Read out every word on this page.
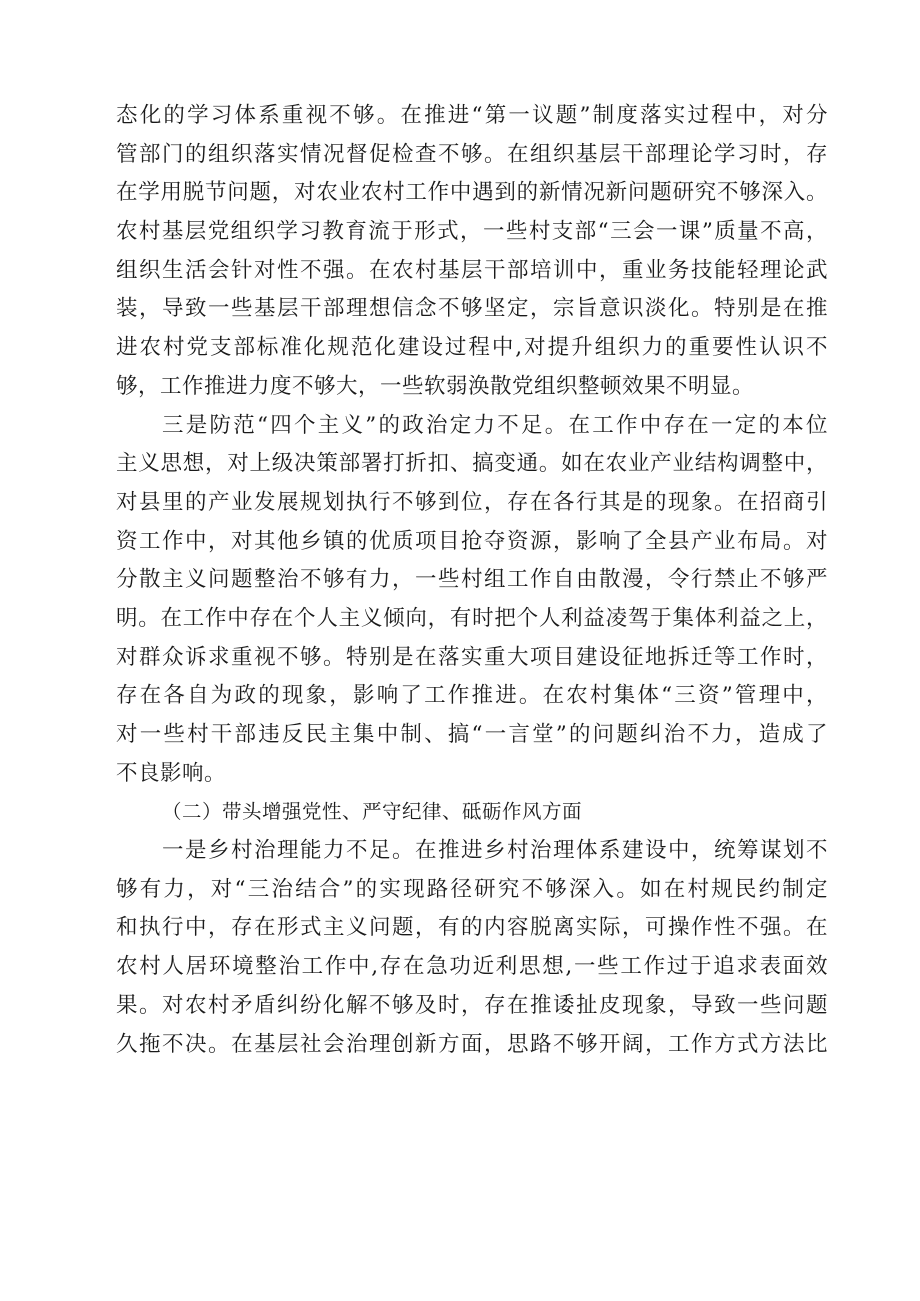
态化的学习体系重视不够。在推进“第一议题”制度落实过程中，对分
管部门的组织落实情况督促检查不够。在组织基层干部理论学习时，存
在学用脱节问题，对农业农村工作中遇到的新情况新问题研究不够深入。
农村基层党组织学习教育流于形式，一些村支部“三会一课”质量不高，
组织生活会针对性不强。在农村基层干部培训中，重业务技能轻理论武
装，导致一些基层干部理想信念不够坚定，宗旨意识淡化。特别是在推
进农村党支部标准化规范化建设过程中,对提升组织力的重要性认识不
够，工作推进力度不够大，一些软弱涣散党组织整顿效果不明显。
三是防范“四个主义”的政治定力不足。在工作中存在一定的本位
主义思想，对上级决策部署打折扣、搞变通。如在农业产业结构调整中，
对县里的产业发展规划执行不够到位，存在各行其是的现象。在招商引
资工作中，对其他乡镇的优质项目抢夺资源，影响了全县产业布局。对
分散主义问题整治不够有力，一些村组工作自由散漫，令行禁止不够严
明。在工作中存在个人主义倾向，有时把个人利益凌驾于集体利益之上，
对群众诉求重视不够。特别是在落实重大项目建设征地拆迁等工作时，
存在各自为政的现象，影响了工作推进。在农村集体“三资”管理中，
对一些村干部违反民主集中制、搞“一言堂”的问题纠治不力，造成了
不良影响。
（二）带头增强党性、严守纪律、砥砺作风方面
一是乡村治理能力不足。在推进乡村治理体系建设中，统筹谋划不
够有力，对“三治结合”的实现路径研究不够深入。如在村规民约制定
和执行中，存在形式主义问题，有的内容脱离实际，可操作性不强。在
农村人居环境整治工作中,存在急功近利思想,一些工作过于追求表面效
果。对农村矛盾纠纷化解不够及时，存在推诿扯皮现象，导致一些问题
久拖不决。在基层社会治理创新方面，思路不够开阔，工作方式方法比
